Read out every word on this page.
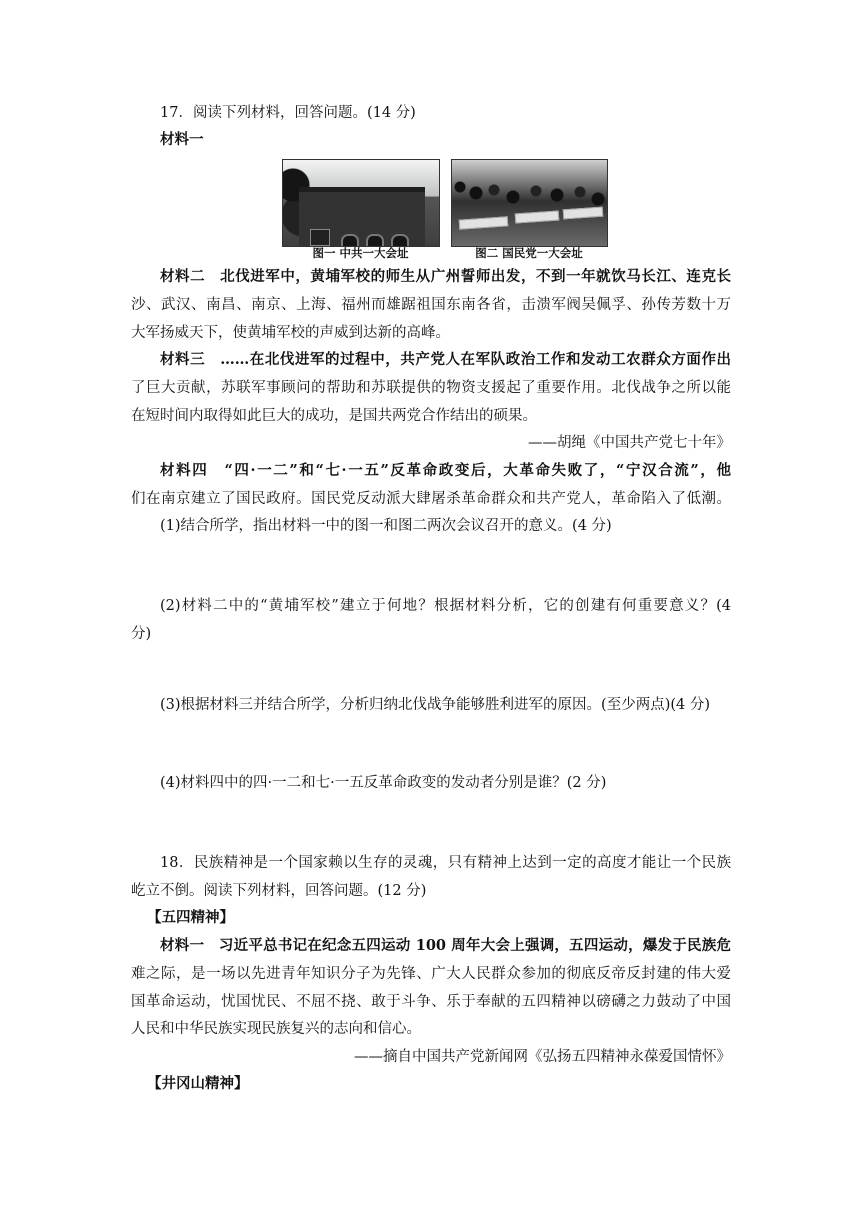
17．阅读下列材料，回答问题。(14 分)
材料一
图一 中共一大会址	图二 国民党一大会址
材料二　北伐进军中，黄埔军校的师生从广州誓师出发，不到一年就饮马长江、连克长
沙、武汉、南昌、南京、上海、福州而雄踞祖国东南各省，击溃军阀吴佩孚、孙传芳数十万
大军扬威天下，使黄埔军校的声威到达新的高峰。
材料三　……在北伐进军的过程中，共产党人在军队政治工作和发动工农群众方面作出
了巨大贡献，苏联军事顾问的帮助和苏联提供的物资支援起了重要作用。北伐战争之所以能
在短时间内取得如此巨大的成功，是国共两党合作结出的硕果。
——胡绳《中国共产党七十年》
材料四　“四·一二”和“七·一五”反革命政变后，大革命失败了，“宁汉合流”，他
们在南京建立了国民政府。国民党反动派大肆屠杀革命群众和共产党人，革命陷入了低潮。
(1)结合所学，指出材料一中的图一和图二两次会议召开的意义。(4 分)
(2)材料二中的“黄埔军校”建立于何地？根据材料分析，它的创建有何重要意义？(4
分)
(3)根据材料三并结合所学，分析归纳北伐战争能够胜利进军的原因。(至少两点)(4 分)
(4)材料四中的四·一二和七·一五反革命政变的发动者分别是谁？(2 分)
18．民族精神是一个国家赖以生存的灵魂，只有精神上达到一定的高度才能让一个民族
屹立不倒。阅读下列材料，回答问题。(12 分)
【五四精神】
材料一　习近平总书记在纪念五四运动 100 周年大会上强调，五四运动，爆发于民族危
难之际，是一场以先进青年知识分子为先锋、广大人民群众参加的彻底反帝反封建的伟大爱
国革命运动，忧国忧民、不屈不挠、敢于斗争、乐于奉献的五四精神以磅礴之力鼓动了中国
人民和中华民族实现民族复兴的志向和信心。
——摘自中国共产党新闻网《弘扬五四精神永葆爱国情怀》
【井冈山精神】
